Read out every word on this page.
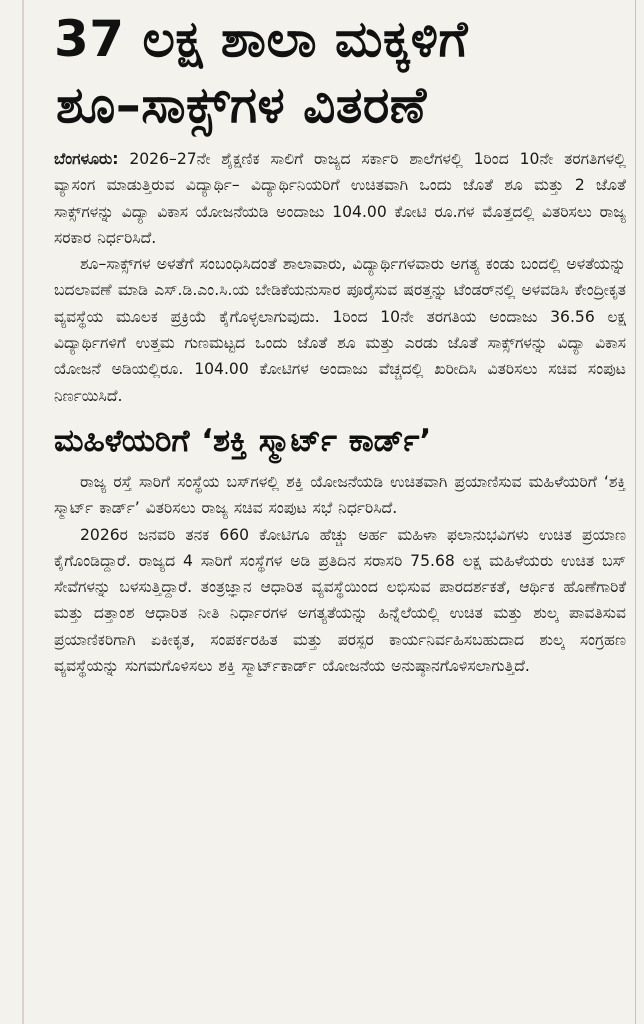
37 ಲಕ್ಷ ಶಾಲಾ ಮಕ್ಕಳಿಗೆ
ಶೂ–ಸಾಕ್ಸ್‌ಗಳ ವಿತರಣೆ

ಬೆಂಗಳೂರು: 2026–27ನೇ ಶೈಕ್ಷಣಿಕ ಸಾಲಿಗೆ ರಾಜ್ಯದ ಸರ್ಕಾರಿ ಶಾಲೆಗಳಲ್ಲಿ 1ರಿಂದ 10ನೇ ತರಗತಿಗಳಲ್ಲಿ ವ್ಯಾಸಂಗ ಮಾಡುತ್ತಿರುವ ವಿದ್ಯಾರ್ಥಿ– ವಿದ್ಯಾರ್ಥಿನಿಯರಿಗೆ ಉಚಿತವಾಗಿ ಒಂದು ಜೊತೆ ಶೂ ಮತ್ತು 2 ಜೊತೆ ಸಾಕ್ಸ್‌ಗಳನ್ನು ವಿದ್ಯಾ ವಿಕಾಸ ಯೋಜನೆಯಡಿ ಅಂದಾಜು 104.00 ಕೋಟಿ ರೂ.ಗಳ ಮೊತ್ತದಲ್ಲಿ ವಿತರಿಸಲು ರಾಜ್ಯ ಸರಕಾರ ನಿರ್ಧರಿಸಿದೆ.

ಶೂ–ಸಾಕ್ಸ್‌ಗಳ ಅಳತೆಗೆ ಸಂಬಂಧಿಸಿದಂತೆ ಶಾಲಾವಾರು, ವಿದ್ಯಾರ್ಥಿಗಳವಾರು ಅಗತ್ಯ ಕಂಡು ಬಂದಲ್ಲಿ ಅಳತೆಯನ್ನು ಬದಲಾವಣೆ ಮಾಡಿ ಎಸ್.ಡಿ.ಎಂ.ಸಿ.ಯ ಬೇಡಿಕೆಯನುಸಾರ ಪೂರೈಸುವ ಷರತ್ತನ್ನು ಟೆಂಡರ್‌ನಲ್ಲಿ ಅಳವಡಿಸಿ ಕೇಂದ್ರೀಕೃತ ವ್ಯವಸ್ಥೆಯ ಮೂಲಕ ಪ್ರಕ್ರಿಯೆ ಕೈಗೊಳ್ಳಲಾಗುವುದು. 1ರಿಂದ 10ನೇ ತರಗತಿಯ ಅಂದಾಜು 36.56 ಲಕ್ಷ ವಿದ್ಯಾರ್ಥಿಗಳಿಗೆ ಉತ್ತಮ ಗುಣಮಟ್ಟದ ಒಂದು ಜೊತೆ ಶೂ ಮತ್ತು ಎರಡು ಜೊತೆ ಸಾಕ್ಸ್‌ಗಳನ್ನು ವಿದ್ಯಾ ವಿಕಾಸ ಯೋಜನೆ ಅಡಿಯಲ್ಲಿರೂ. 104.00 ಕೋಟಿಗಳ ಅಂದಾಜು ವೆಚ್ಚದಲ್ಲಿ ಖರೀದಿಸಿ ವಿತರಿಸಲು ಸಚಿವ ಸಂಪುಟ ನಿರ್ಣಯಿಸಿದೆ.

ಮಹಿಳೆಯರಿಗೆ ‘ಶಕ್ತಿ ಸ್ಮಾರ್ಟ್ ಕಾರ್ಡ್’

ರಾಜ್ಯ ರಸ್ತೆ ಸಾರಿಗೆ ಸಂಸ್ಥೆಯ ಬಸ್‌ಗಳಲ್ಲಿ ಶಕ್ತಿ ಯೋಜನೆಯಡಿ ಉಚಿತವಾಗಿ ಪ್ರಯಾಣಿಸುವ ಮಹಿಳೆಯರಿಗೆ ‘ಶಕ್ತಿ ಸ್ಮಾರ್ಟ್ ಕಾರ್ಡ್’ ವಿತರಿಸಲು ರಾಜ್ಯ ಸಚಿವ ಸಂಪುಟ ಸಭೆ ನಿರ್ಧರಿಸಿದೆ.

2026ರ ಜನವರಿ ತನಕ 660 ಕೋಟಿಗೂ ಹೆಚ್ಚು ಅರ್ಹ ಮಹಿಳಾ ಫಲಾನುಭವಿಗಳು ಉಚಿತ ಪ್ರಯಾಣ ಕೈಗೊಂಡಿದ್ದಾರೆ. ರಾಜ್ಯದ 4 ಸಾರಿಗೆ ಸಂಸ್ಥೆಗಳ ಅಡಿ ಪ್ರತಿದಿನ ಸರಾಸರಿ 75.68 ಲಕ್ಷ ಮಹಿಳೆಯರು ಉಚಿತ ಬಸ್ ಸೇವೆಗಳನ್ನು ಬಳಸುತ್ತಿದ್ದಾರೆ. ತಂತ್ರಜ್ಞಾನ ಆಧಾರಿತ ವ್ಯವಸ್ಥೆಯಿಂದ ಲಭಿಸುವ ಪಾರದರ್ಶಕತೆ, ಆರ್ಥಿಕ ಹೊಣೆಗಾರಿಕೆ ಮತ್ತು ದತ್ತಾಂಶ ಆಧಾರಿತ ನೀತಿ ನಿರ್ಧಾರಗಳ ಅಗತ್ಯತೆಯನ್ನು ಹಿನ್ನೆಲೆಯಲ್ಲಿ ಉಚಿತ ಮತ್ತು ಶುಲ್ಕ ಪಾವತಿಸುವ ಪ್ರಯಾಣಿಕರಿಗಾಗಿ ಏಕೀಕೃತ, ಸಂಪರ್ಕರಹಿತ ಮತ್ತು ಪರಸ್ಪರ ಕಾರ್ಯನಿರ್ವಹಿಸಬಹುದಾದ ಶುಲ್ಕ ಸಂಗ್ರಹಣ ವ್ಯವಸ್ಥೆಯನ್ನು ಸುಗಮಗೊಳಿಸಲು ಶಕ್ತಿ ಸ್ಮಾರ್ಟ್‌ಕಾರ್ಡ್ ಯೋಜನೆಯ ಅನುಷ್ಠಾನಗೊಳಿಸಲಾಗುತ್ತಿದೆ.
